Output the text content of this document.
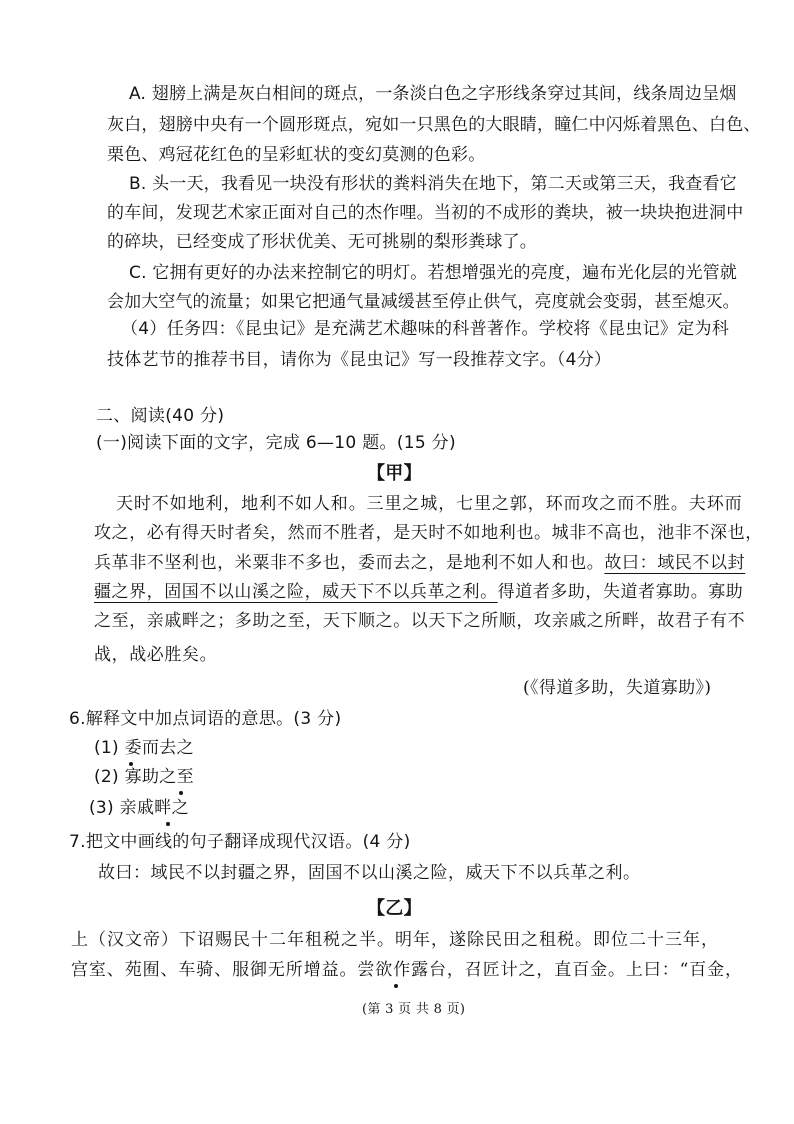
A. 翅膀上满是灰白相间的斑点，一条淡白色之字形线条穿过其间，线条周边呈烟
灰白，翅膀中央有一个圆形斑点，宛如一只黑色的大眼睛，瞳仁中闪烁着黑色、白色、
栗色、鸡冠花红色的呈彩虹状的变幻莫测的色彩。
B. 头一天，我看见一块没有形状的粪料消失在地下，第二天或第三天，我查看它
的车间，发现艺术家正面对自己的杰作哩。当初的不成形的粪块，被一块块抱进洞中
的碎块，已经变成了形状优美、无可挑剔的梨形粪球了。
C. 它拥有更好的办法来控制它的明灯。若想增强光的亮度，遍布光化层的光管就
会加大空气的流量；如果它把通气量减缓甚至停止供气，亮度就会变弱，甚至熄灭。
（4）任务四：《昆虫记》是充满艺术趣味的科普著作。学校将《昆虫记》定为科
技体艺节的推荐书目，请你为《昆虫记》写一段推荐文字。（4分）
二、阅读(40 分)
(一)阅读下面的文字，完成 6—10 题。(15 分)
【甲】
天时不如地利，地利不如人和。三里之城，七里之郭，环而攻之而不胜。夫环而
攻之，必有得天时者矣，然而不胜者，是天时不如地利也。城非不高也，池非不深也，
兵革非不坚利也，米粟非不多也，委而去之，是地利不如人和也。故曰：域民不以封
疆之界，固国不以山溪之险，威天下不以兵革之利。得道者多助，失道者寡助。寡助
之至，亲戚畔之；多助之至，天下顺之。以天下之所顺，攻亲戚之所畔，故君子有不
战，战必胜矣。
(《得道多助，失道寡助》)
6.解释文中加点词语的意思。(3 分)
(1) 委而去之
(2) 寡助之至
(3) 亲戚畔之
7.把文中画线的句子翻译成现代汉语。(4 分)
故曰：域民不以封疆之界，固国不以山溪之险，威天下不以兵革之利。
【乙】
上（汉文帝）下诏赐民十二年租税之半。明年，遂除民田之租税。即位二十三年，
宫室、苑囿、车骑、服御无所增益。尝欲作露台，召匠计之，直百金。上曰：“百金，
(第 3 页 共 8 页)
